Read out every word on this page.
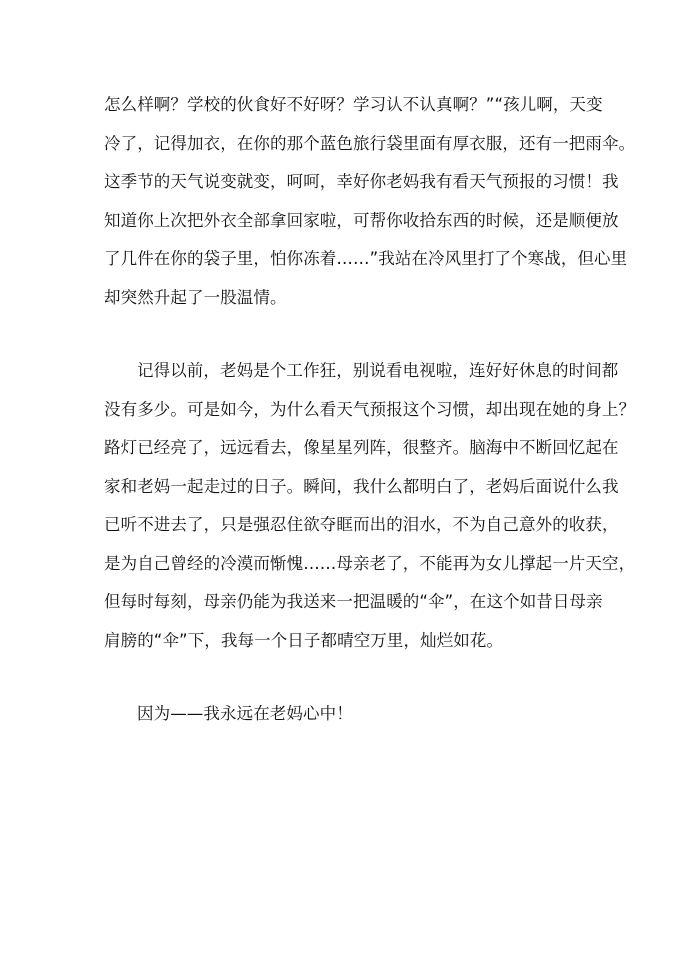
怎么样啊？学校的伙食好不好呀？学习认不认真啊？”“孩儿啊，天变
冷了，记得加衣，在你的那个蓝色旅行袋里面有厚衣服，还有一把雨伞。
这季节的天气说变就变，呵呵，幸好你老妈我有看天气预报的习惯！我
知道你上次把外衣全部拿回家啦，可帮你收拾东西的时候，还是顺便放
了几件在你的袋子里，怕你冻着……”我站在冷风里打了个寒战，但心里
却突然升起了一股温情。
记得以前，老妈是个工作狂，别说看电视啦，连好好休息的时间都
没有多少。可是如今，为什么看天气预报这个习惯，却出现在她的身上？
路灯已经亮了，远远看去，像星星列阵，很整齐。脑海中不断回忆起在
家和老妈一起走过的日子。瞬间，我什么都明白了，老妈后面说什么我
已听不进去了，只是强忍住欲夺眶而出的泪水，不为自己意外的收获，
是为自己曾经的冷漠而惭愧……母亲老了，不能再为女儿撑起一片天空，
但每时每刻，母亲仍能为我送来一把温暖的“伞”，在这个如昔日母亲
肩膀的“伞”下，我每一个日子都晴空万里，灿烂如花。
因为——我永远在老妈心中！
